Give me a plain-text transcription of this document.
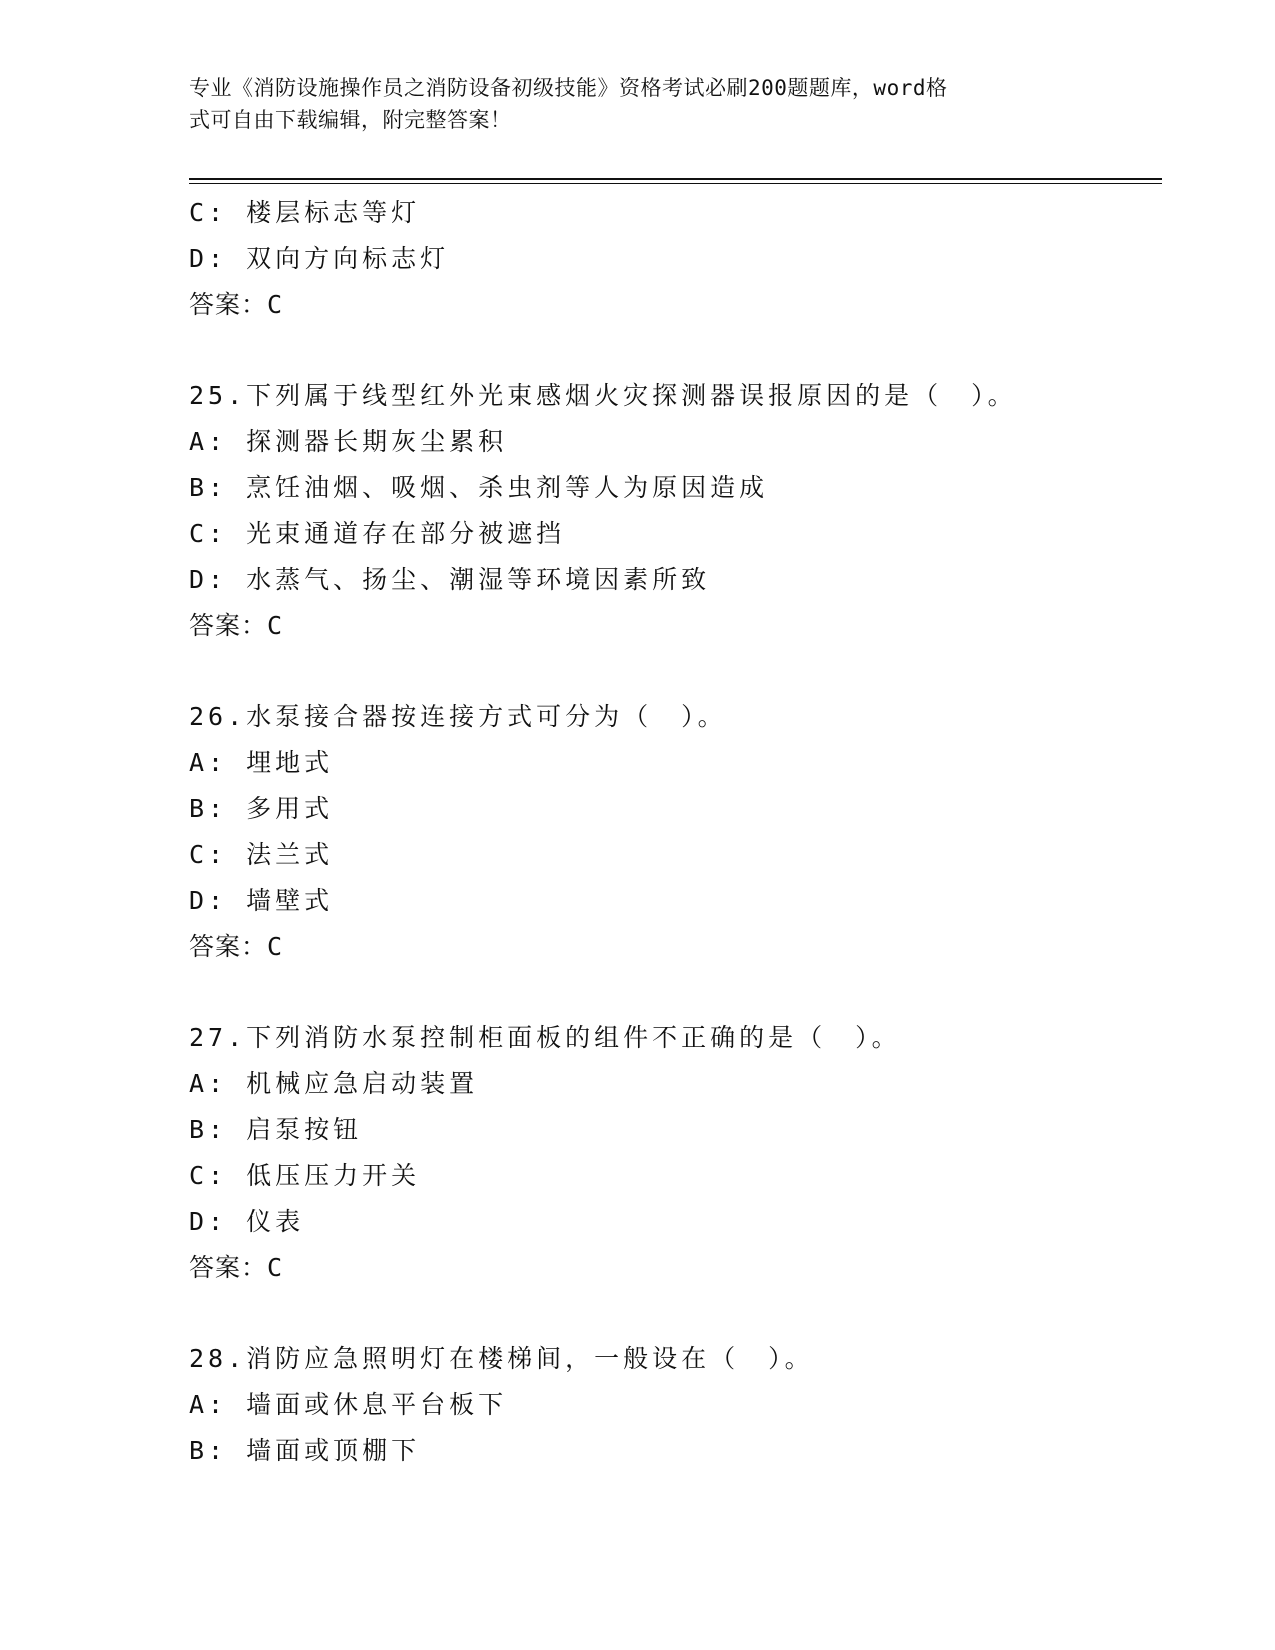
专业《消防设施操作员之消防设备初级技能》资格考试必刷200题题库，word格
式可自由下载编辑，附完整答案！
C: 楼层标志等灯
D: 双向方向标志灯
答案：C
25.下列属于线型红外光束感烟火灾探测器误报原因的是（　）。
A: 探测器长期灰尘累积
B: 烹饪油烟、吸烟、杀虫剂等人为原因造成
C: 光束通道存在部分被遮挡
D: 水蒸气、扬尘、潮湿等环境因素所致
答案：C
26.水泵接合器按连接方式可分为（　）。
A: 埋地式
B: 多用式
C: 法兰式
D: 墙壁式
答案：C
27.下列消防水泵控制柜面板的组件不正确的是（　）。
A: 机械应急启动装置
B: 启泵按钮
C: 低压压力开关
D: 仪表
答案：C
28.消防应急照明灯在楼梯间，一般设在（　）。
A: 墙面或休息平台板下
B: 墙面或顶棚下
